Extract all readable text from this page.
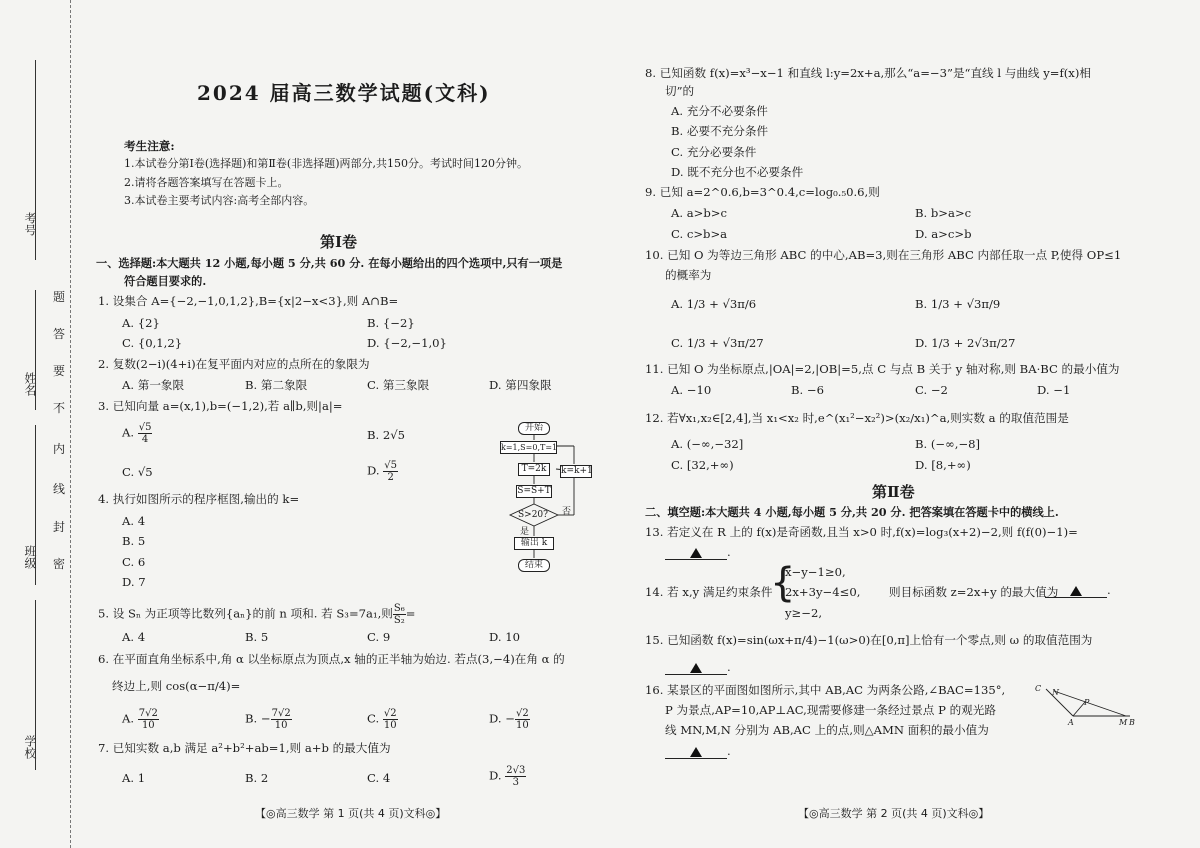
考号
姓名
班级
学校
题
答
要
不
内
线
封
密
2024 届高三数学试题(文科)
考生注意:
1.本试卷分第Ⅰ卷(选择题)和第Ⅱ卷(非选择题)两部分,共150分。考试时间120分钟。
2.请将各题答案填写在答题卡上。
3.本试卷主要考试内容:高考全部内容。
第Ⅰ卷
一、选择题:本大题共 12 小题,每小题 5 分,共 60 分. 在每小题给出的四个选项中,只有一项是
符合题目要求的.
1. 设集合 A={−2,−1,0,1,2},B={x|2−x<3},则 A∩B=
A. {2}	B. {−2}
C. {0,1,2}	D. {−2,−1,0}
2. 复数(2−i)(4+i)在复平面内对应的点所在的象限为
A. 第一象限	B. 第二象限	C. 第三象限	D. 第四象限
3. 已知向量 a=(x,1),b=(−1,2),若 a∥b,则|a|=
A. $\frac{√5}{4}$	B. 2√5
C. √5	D. $\frac{√5}{2}$
4. 执行如图所示的程序框图,输出的 k=
A. 4
B. 5
C. 6
D. 7
开始
k=1,S=0,T=1
T=2k	k=k+1
S=S+T
S>20? 否
是
输出 k
结束
5. 设 Sₙ 为正项等比数列{aₙ}的前 n 项和. 若 S₃=7a₁,则 $\frac{\text{S₆}}{\text{S₂}}$ =
A. 4	B. 5	C. 9	D. 10
6. 在平面直角坐标系中,角 α 以坐标原点为顶点,x 轴的正半轴为始边. 若点(3,−4)在角 α 的
终边上,则 cos(α−π/4)=
A. $\frac{7√2}{10}$	B. − $\frac{7√2}{10}$	C. $\frac{√2}{10}$	D. − $\frac{√2}{10}$
7. 已知实数 a,b 满足 a²+b²+ab=1,则 a+b 的最大值为
A. 1	B. 2	C. 4	D. $\frac{2√3}{3}$
【◎高三数学 第 1 页(共 4 页)文科◎】
8. 已知函数 f(x)=x³−x−1 和直线 l:y=2x+a,那么“a=−3”是“直线 l 与曲线 y=f(x)相
切”的
A. 充分不必要条件
B. 必要不充分条件
C. 充分必要条件
D. 既不充分也不必要条件
9. 已知 a=2^0.6,b=3^0.4,c=log₀.₅0.6,则
A. a>b>c	B. b>a>c
C. c>b>a	D. a>c>b
10. 已知 O 为等边三角形 ABC 的中心,AB=3,则在三角形 ABC 内部任取一点 P,使得 OP≤1
的概率为
A. 1/3 + √3π/6	B. 1/3 + √3π/9
C. 1/3 + √3π/27	D. 1/3 + 2√3π/27
11. 已知 O 为坐标原点,|OA|=2,|OB|=5,点 C 与点 B 关于 y 轴对称,则 BA·BC 的最小值为
A. −10	B. −6	C. −2	D. −1
12. 若∀x₁,x₂∈[2,4],当 x₁<x₂ 时,e^(x₁²−x₂²)>(x₂/x₁)^a,则实数 a 的取值范围是
A. (−∞,−32]	B. (−∞,−8]
C. [32,+∞)	D. [8,+∞)
第Ⅱ卷
二、填空题:本大题共 4 小题,每小题 5 分,共 20 分. 把答案填在答题卡中的横线上.
13. 若定义在 R 上的 f(x)是奇函数,且当 x>0 时,f(x)=log₃(x+2)−2,则 f(f(0)−1)=
.
14. 若 x,y 满足约束条件
{
x−y−1≥0,
2x+3y−4≤0,
y≥−2,
则目标函数 z=2x+y 的最大值为	.
15. 已知函数 f(x)=sin(ωx+π/4)−1(ω>0)在[0,π]上恰有一个零点,则 ω 的取值范围为
.
16. 某景区的平面图如图所示,其中 AB,AC 为两条公路,∠BAC=135°,
P 为景点,AP=10,AP⊥AC,现需要修建一条经过景点 P 的观光路
线 MN,M,N 分别为 AB,AC 上的点,则△AMN 面积的最小值为
.
C N
P
A	M B
【◎高三数学 第 2 页(共 4 页)文科◎】
